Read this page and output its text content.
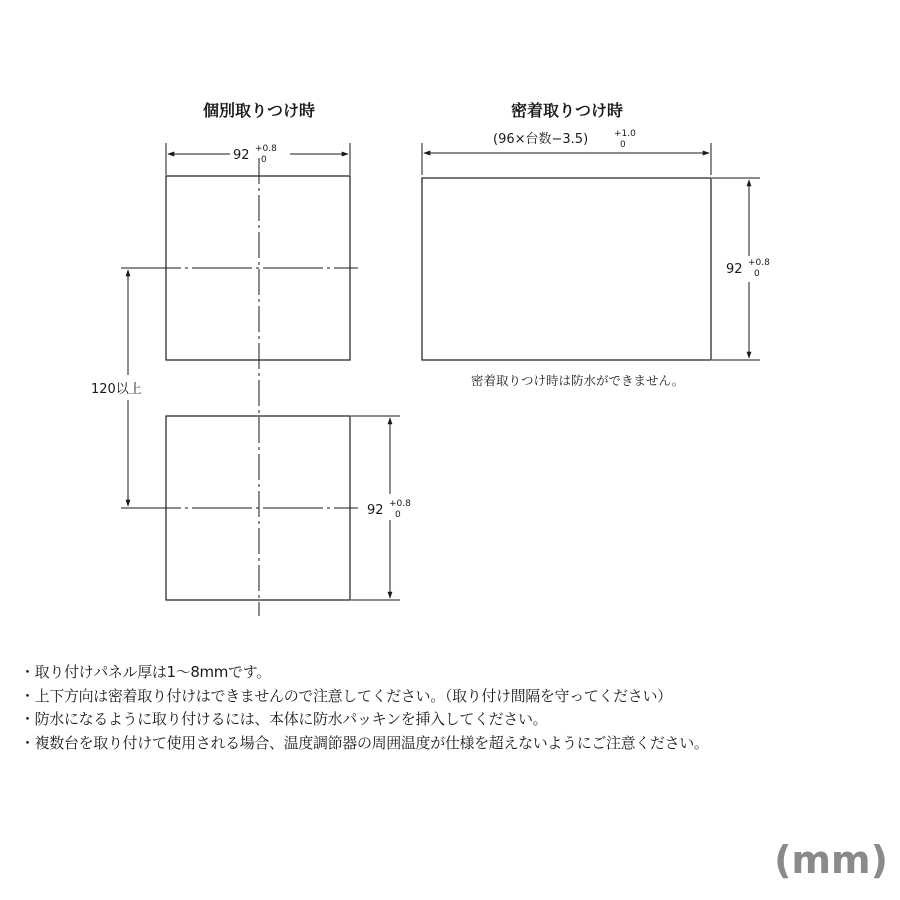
個別取りつけ時
92 +0.8
0
120以上
92 +0.8
0
密着取りつけ時
(96×台数−3.5)	+1.0
0
92 +0.8
0
密着取りつけ時は防水ができません。
・取り付けパネル厚は1〜8mmです。
・上下方向は密着取り付けはできませんので注意してください。（取り付け間隔を守ってください）
・防水になるように取り付けるには、本体に防水パッキンを挿入してください。
・複数台を取り付けて使用される場合、温度調節器の周囲温度が仕様を超えないようにご注意ください。

(mm)
